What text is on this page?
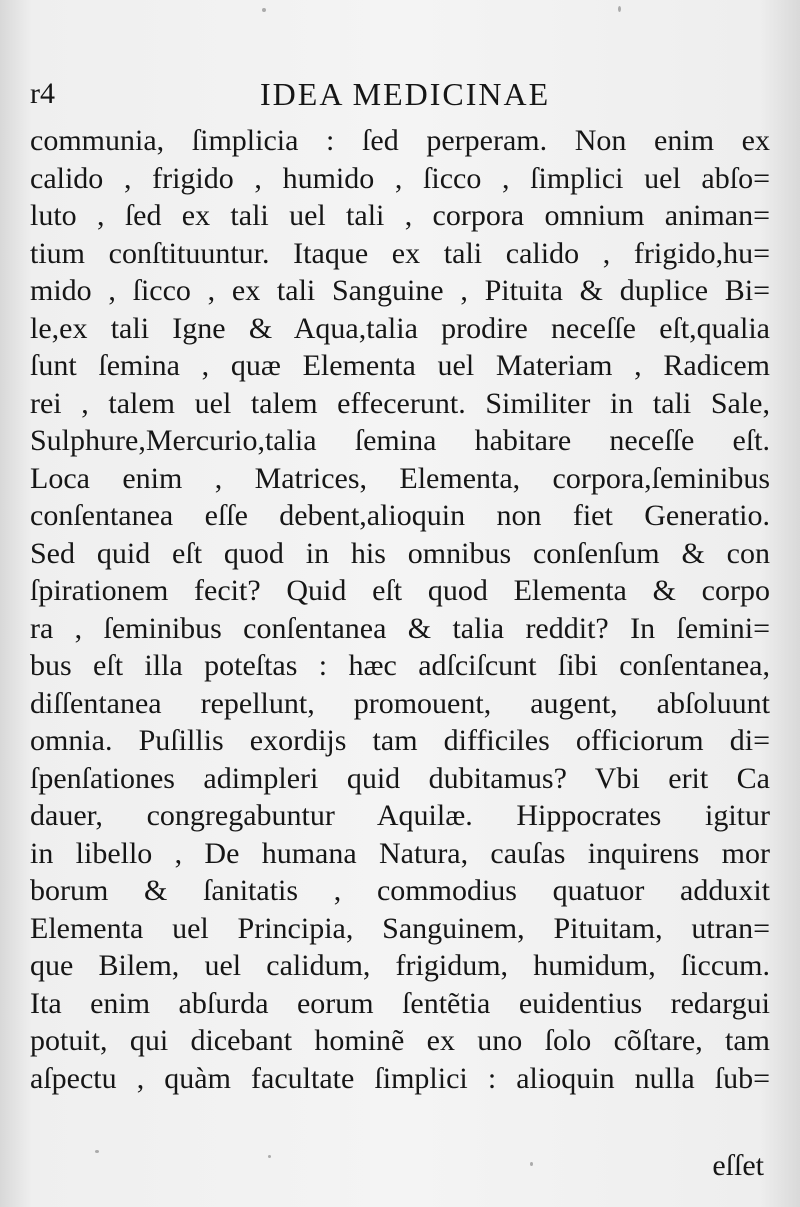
r4	IDEA MEDICINAE
communia, ſimplicia : ſed perperam. Non enim ex
calido , frigido , humido , ſicco , ſimplici uel abſo=
luto , ſed ex tali uel tali , corpora omnium animan=
tium conſtituuntur. Itaque ex tali calido , frigido,hu=
mido , ſicco , ex tali Sanguine , Pituita & duplice Bi=
le,ex tali Igne & Aqua,talia prodire neceſſe eſt,qualia
ſunt ſemina , quæ Elementa uel Materiam , Radicem
rei , talem uel talem effecerunt. Similiter in tali Sale,
Sulphure,Mercurio,talia ſemina habitare neceſſe eſt.
Loca enim , Matrices, Elementa, corpora,ſeminibus
conſentanea eſſe debent,alioquin non fiet Generatio.
Sed quid eſt quod in his omnibus conſenſum & con
ſpirationem fecit? Quid eſt quod Elementa & corpo
ra , ſeminibus conſentanea & talia reddit? In ſemini=
bus eſt illa poteſtas : hæc adſciſcunt ſibi conſentanea,
diſſentanea repellunt, promouent, augent, abſoluunt
omnia. Puſillis exordijs tam difficiles officiorum di=
ſpenſationes adimpleri quid dubitamus? Vbi erit Ca
dauer, congregabuntur Aquilæ. Hippocrates igitur
in libello , De humana Natura, cauſas inquirens mor
borum & ſanitatis , commodius quatuor adduxit
Elementa uel Principia, Sanguinem, Pituitam, utran=
que Bilem, uel calidum, frigidum, humidum, ſiccum.
Ita enim abſurda eorum ſentẽtia euidentius redargui
potuit, qui dicebant hominẽ ex uno ſolo cõſtare, tam
aſpectu , quàm facultate ſimplici : alioquin nulla ſub=
eſſet
